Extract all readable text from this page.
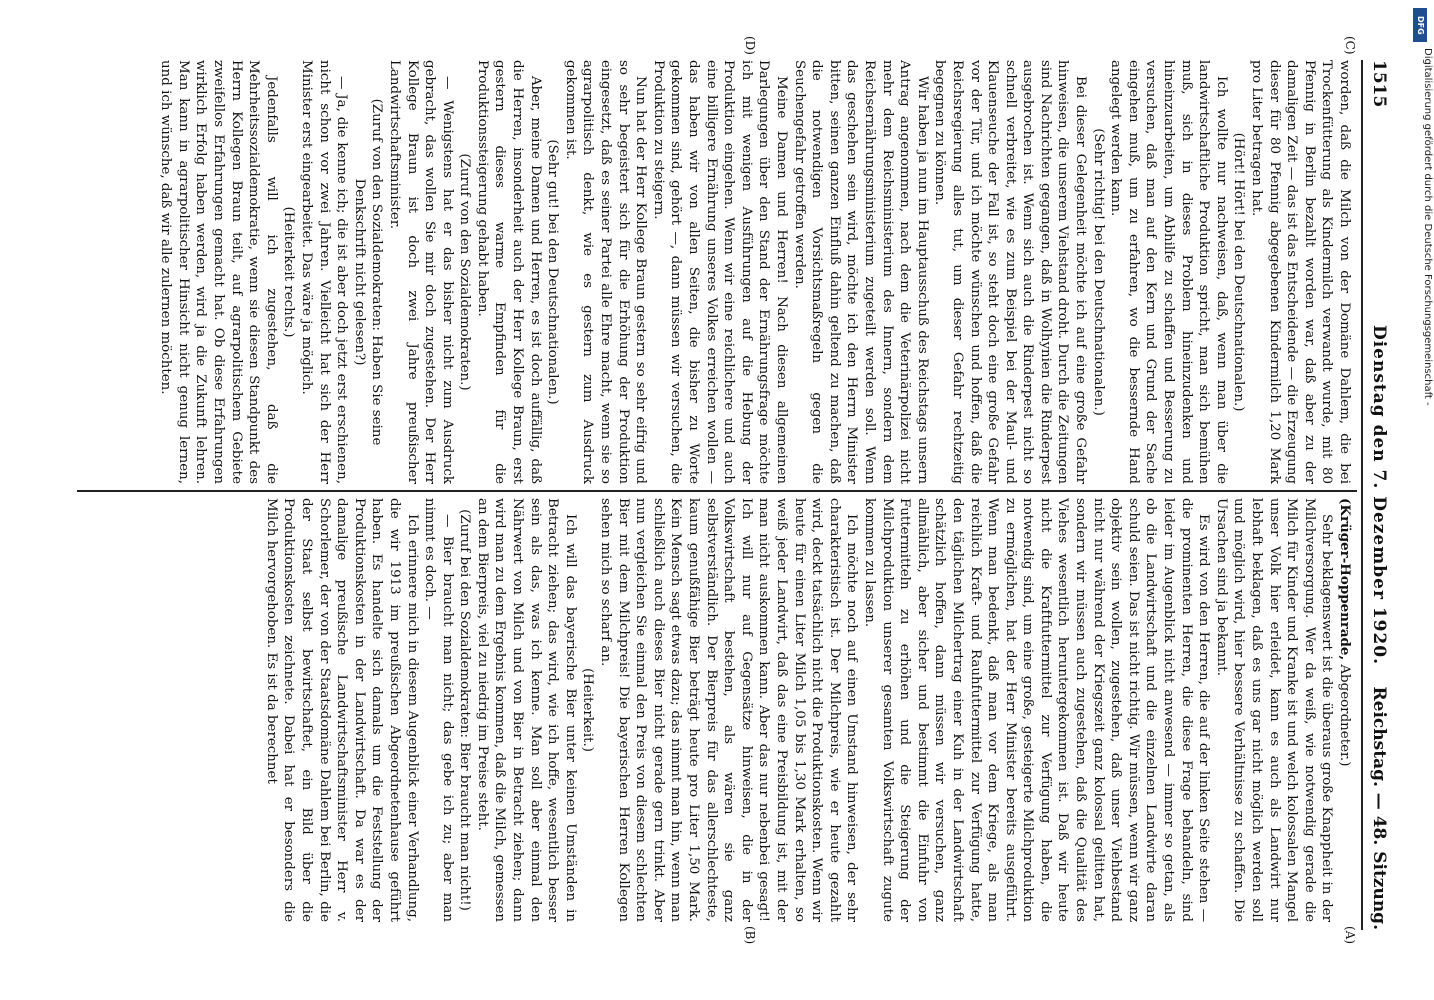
Digitalisierung gefördert durch die Deutsche Forschungsgemeinschaft -
DFG
Reichstag. — 48. Sitzung.
Dienstag den 7. Dezember 1920.
1515
(A)
(B)
(C)
(D)

(Krüger-Hoppenrade, Abgeordneter.)

Sehr beklagenswert ist die überaus große Knappheit in der Milchversorgung. Wer da weiß, wie notwendig gerade die Milch für Kinder und Kranke ist und welch kolossalen Mangel unser Volk hier erleidet, kann es auch als Landwirt nur lebhaft beklagen, daß es uns gar nicht möglich werden soll und möglich wird, hier bessere Verhältnisse zu schaffen. Die Ursachen sind ja bekannt.

Es wird von den Herren, die auf der linken Seite stehen — die prominenten Herren, die diese Frage behandeln, sind leider im Augenblick nicht anwesend — immer so getan, als ob die Landwirtschaft und die einzelnen Landwirte daran schuld seien. Das ist nicht richtig. Wir müssen, wenn wir ganz objektiv sein wollen, zugestehen, daß unser Viehbestand nicht nur während der Kriegszeit ganz kolossal gelitten hat, sondern wir müssen auch zugestehen, daß die Qualität des Viehes wesentlich heruntergekommen ist. Daß wir heute nicht die Kraftfuttermittel zur Verfügung haben, die notwendig sind, um eine große, gesteigerte Milchproduktion zu ermöglichen, hat der Herr Minister bereits ausgeführt. Wenn man bedenkt, daß man vor dem Kriege, als man reichlich Kraft- und Rauhfuttermittel zur Verfügung hatte, den täglichen Milchertrag einer Kuh in der Landwirtschaft schätzlich hoffen, dann müssen wir versuchen, ganz allmählich, aber sicher und bestimmt die Einfuhr von Futtermitteln zu erhöhen und die Steigerung der Milchproduktion unserer gesamten Volkswirtschaft zugute kommen zu lassen.

Ich möchte noch auf einen Umstand hinweisen, der sehr charakteristisch ist. Der Milchpreis, wie er heute gezahlt wird, deckt tatsächlich nicht die Produktionskosten. Wenn wir heute für einen Liter Milch 1,05 bis 1,30 Mark erhalten, so weiß jeder Landwirt, daß das eine Preisbildung ist, mit der man nicht auskommen kann. Aber das nur nebenbei gesagt! Ich will nur auf Gegensätze hinweisen, die in der Volkswirtschaft bestehen, als wären sie ganz selbstverständlich. Der Bierpreis für das allerschlechteste, kaum genußfähige Bier beträgt heute pro Liter 1,50 Mark. Kein Mensch sagt etwas dazu; das nimmt man hin, wenn man schließlich auch dieses Bier nicht gerade gern trinkt. Aber nun vergleichen Sie einmal den Preis von diesem schlechten Bier mit dem Milchpreis! Die bayerischen Herren Kollegen sehen mich so scharf an.

(Heiterkeit.)

Ich will das bayerische Bier unter keinen Umständen in Betracht ziehen; das wird, wie ich hoffe, wesentlich besser sein als das, was ich kenne. Man soll aber einmal den Nährwert von Milch und von Bier in Betracht ziehen; dann wird man zu dem Ergebnis kommen, daß die Milch, gemessen an dem Bierpreis, viel zu niedrig im Preise steht.

(Zuruf bei den Sozialdemokraten: Bier braucht man nicht!)

— Bier braucht man nicht; das gebe ich zu; aber man nimmt es doch. —

Ich erinnere mich in diesem Augenblick einer Verhandlung, die wir 1913 im preußischen Abgeordnetenhause geführt haben. Es handelte sich damals um die Feststellung der Produktionskosten in der Landwirtschaft. Da war es der damalige preußische Landwirtschaftsminister Herr v. Schorlemer, der von der Staatsdomäne Dahlem bei Berlin, die der Staat selbst bewirtschaftet, ein Bild über die Produktionskosten zeichnete. Dabei hat er besonders die Milch hervorgehoben. Es ist da berechnet

worden, daß die Milch von der Domäne Dahlem, die bei Trockenfütterung als Kindermilch verwandt wurde, mit 80 Pfennig in Berlin bezahlt worden war, daß aber zu der damaligen Zeit — das ist das Entscheidende — die Erzeugung dieser für 80 Pfennig abgegebenen Kindermilch 1,20 Mark pro Liter betragen hat.

(Hört! Hört! bei den Deutschnationalen.)

Ich wollte nur nachweisen, daß, wenn man über die landwirtschaftliche Produktion spricht, man sich bemühen muß, sich in dieses Problem hineinzudenken und hineinzuarbeiten, um Abhilfe zu schaffen und Besserung zu versuchen, daß man auf den Kern und Grund der Sache eingehen muß, um zu erfahren, wo die bessernde Hand angelegt werden kann.

(Sehr richtig! bei den Deutschnationalen.)

Bei dieser Gelegenheit möchte ich auf eine große Gefahr hinweisen, die unserem Viehstand droht. Durch die Zeitungen sind Nachrichten gegangen, daß in Wolhynien die Rinderpest ausgebrochen ist. Wenn sich auch die Rinderpest nicht so schnell verbreitet, wie es zum Beispiel bei der Maul- und Klauenseuche der Fall ist, so steht doch eine große Gefahr vor der Tür, und ich möchte wünschen und hoffen, daß die Reichsregierung alles tut, um dieser Gefahr rechtzeitig begegnen zu können.

Wir haben ja nun im Hauptausschuß des Reichstags unsern Antrag angenommen, nach dem die Veterinärpolizei nicht mehr dem Reichsministerium des Innern, sondern dem Reichsernährungsministerium zugeteilt werden soll. Wenn das geschehen sein wird, möchte ich den Herrn Minister bitten, seinen ganzen Einfluß dahin geltend zu machen, daß die notwendigen Vorsichtsmaßregeln gegen die Seuchengefahr getroffen werden.

Meine Damen und Herren! Nach diesen allgemeinen Darlegungen über den Stand der Ernährungsfrage möchte ich mit wenigen Ausführungen auf die Hebung der Produktion eingehen. Wenn wir eine reichlichere und auch eine billigere Ernährung unseres Volkes erreichen wollen — das haben wir von allen Seiten, die bisher zu Worte gekommen sind, gehört —, dann müssen wir versuchen, die Produktion zu steigern.

Nun hat der Herr Kollege Braun gestern so sehr eifrig und so sehr begeistert sich für die Erhöhung der Produktion eingesetzt, daß es seiner Partei alle Ehre macht, wenn sie so agrarpolitisch denkt, wie es gestern zum Ausdruck gekommen ist.

(Sehr gut! bei den Deutschnationalen.)

Aber, meine Damen und Herren, es ist doch auffällig, daß die Herren, insonderheit auch der Herr Kollege Braun, erst gestern dieses warme Empfinden für die Produktionssteigerung gehabt haben.

(Zuruf von den Sozialdemokraten.)

— Wenigstens hat er das bisher nicht zum Ausdruck gebracht, das wollen Sie mir doch zugestehen. Der Herr Kollege Braun ist doch zwei Jahre preußischer Landwirtschaftsminister.

(Zuruf von den Sozialdemokraten: Haben Sie seine Denkschrift nicht gelesen?)

— Ja, die kenne ich; die ist aber doch jetzt erst erschienen, nicht schon vor zwei Jahren. Vielleicht hat sich der Herr Minister erst eingearbeitet. Das wäre ja möglich.

(Heiterkeit rechts.)

Jedenfalls will ich zugestehen, daß die Mehrheitssozialdemokratie, wenn sie diesen Standpunkt des Herrn Kollegen Braun teilt, auf agrarpolitischem Gebiete zweifellos Erfahrungen gemacht hat. Ob diese Erfahrungen wirklich Erfolg haben werden, wird ja die Zukunft lehren. Man kann in agrarpolitischer Hinsicht nicht genug lernen, und ich wünsche, daß wir alle zulernen möchten.
